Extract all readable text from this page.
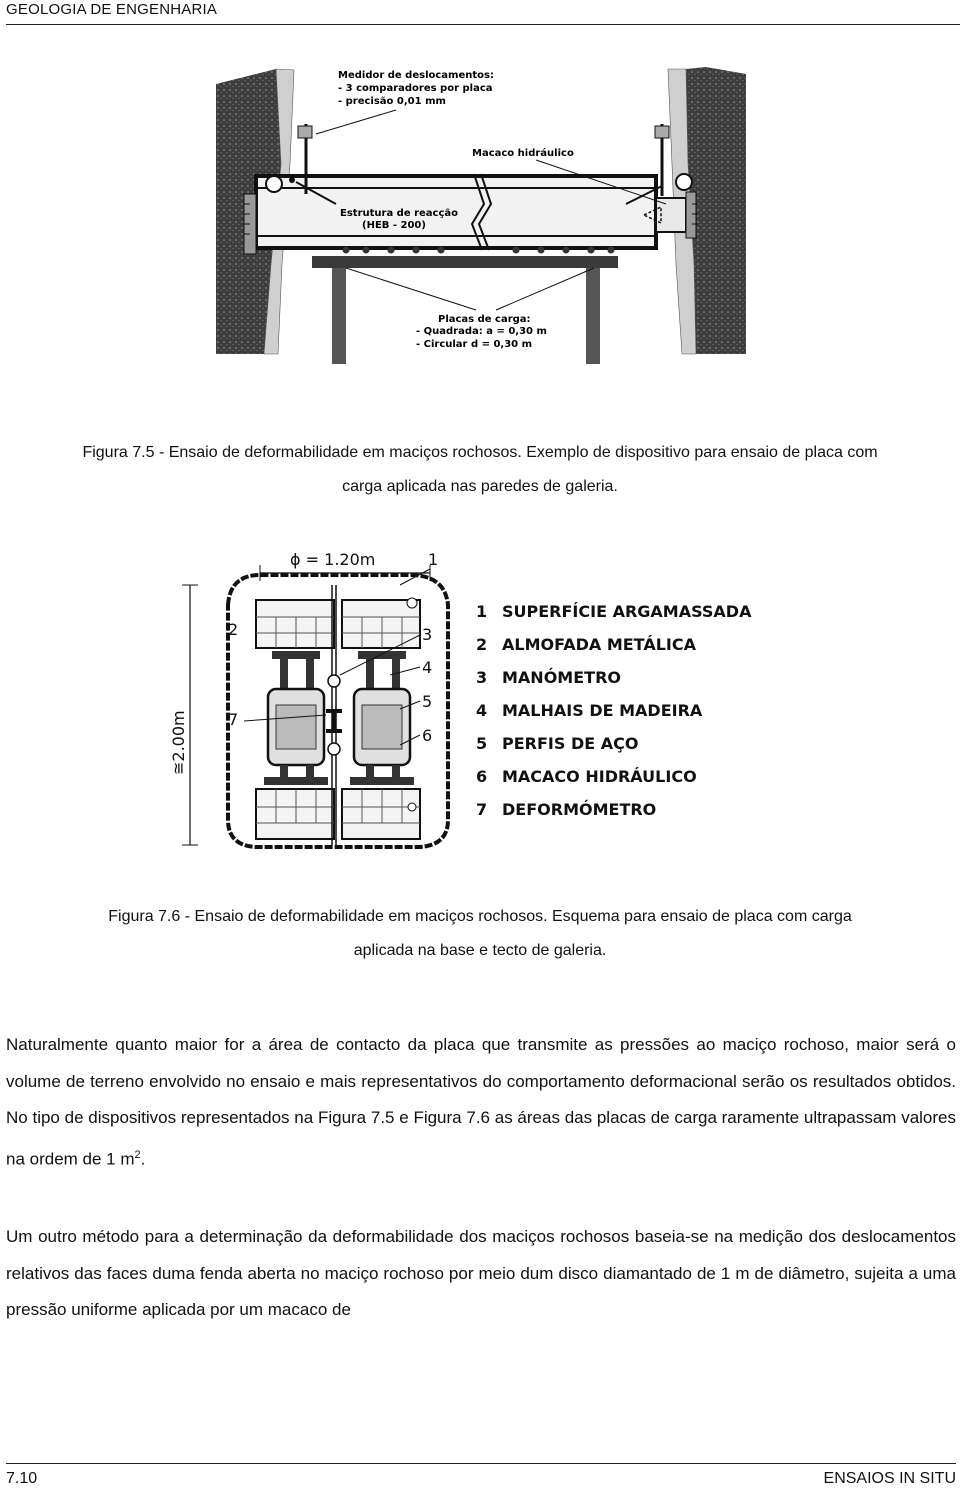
GEOLOGIA DE ENGENHARIA
Medidor de deslocamentos:
- 3 comparadores por placa
- precisão 0,01 mm
Macaco hidráulico
Estrutura de reacção
(HEB - 200)
Placas de carga:
- Quadrada: a = 0,30 m
- Circular d = 0,30 m
Figura 7.5 - Ensaio de deformabilidade em maciços rochosos. Exemplo de dispositivo para ensaio de placa com
carga aplicada nas paredes de galeria.
ϕ = 1.20m
≅2.00m
1
2	3
4
5
6
7
1 SUPERFÍCIE ARGAMASSADA
2 ALMOFADA METÁLICA
3 MANÓMETRO
4 MALHAIS DE MADEIRA
5 PERFIS DE AÇO
6 MACACO HIDRÁULICO
7 DEFORMÓMETRO
Figura 7.6 - Ensaio de deformabilidade em maciços rochosos. Esquema para ensaio de placa com carga
aplicada na base e tecto de galeria.

Naturalmente quanto maior for a área de contacto da placa que transmite as pressões ao maciço rochoso, maior será o volume de terreno envolvido no ensaio e mais representativos do comportamento deformacional serão os resultados obtidos. No tipo de dispositivos representados na Figura 7.5 e Figura 7.6 as áreas das placas de carga raramente ultrapassam valores na ordem de 1 $m^2$.

Um outro método para a determinação da deformabilidade dos maciços rochosos baseia-se na medição dos deslocamentos relativos das faces duma fenda aberta no maciço rochoso por meio dum disco diamantado de 1 m de diâmetro, sujeita a uma pressão uniforme aplicada por um macaco de

7.10	ENSAIOS IN SITU
